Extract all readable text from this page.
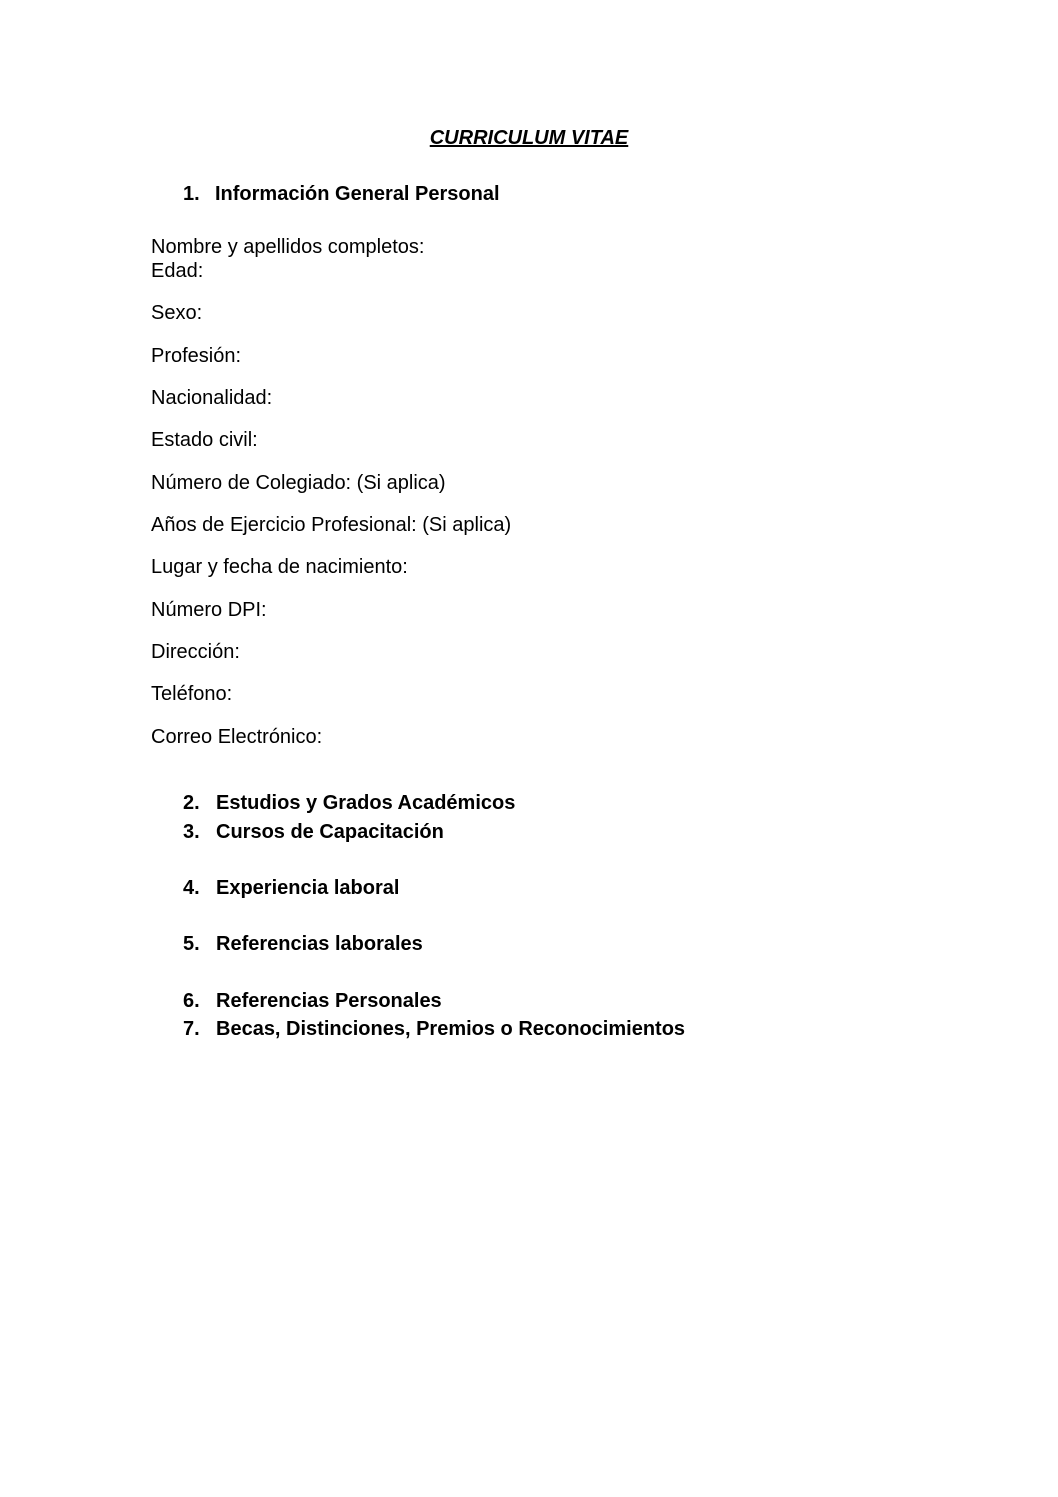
CURRICULUM VITAE
1. Información General Personal
Nombre y apellidos completos:
Edad:
Sexo:
Profesión:
Nacionalidad:
Estado civil:
Número de Colegiado: (Si aplica)
Años de Ejercicio Profesional: (Si aplica)
Lugar y fecha de nacimiento:
Número DPI:
Dirección:
Teléfono:
Correo Electrónico:
2. Estudios y Grados Académicos
3. Cursos de Capacitación
4. Experiencia laboral
5. Referencias laborales
6. Referencias Personales
7. Becas, Distinciones, Premios o Reconocimientos
